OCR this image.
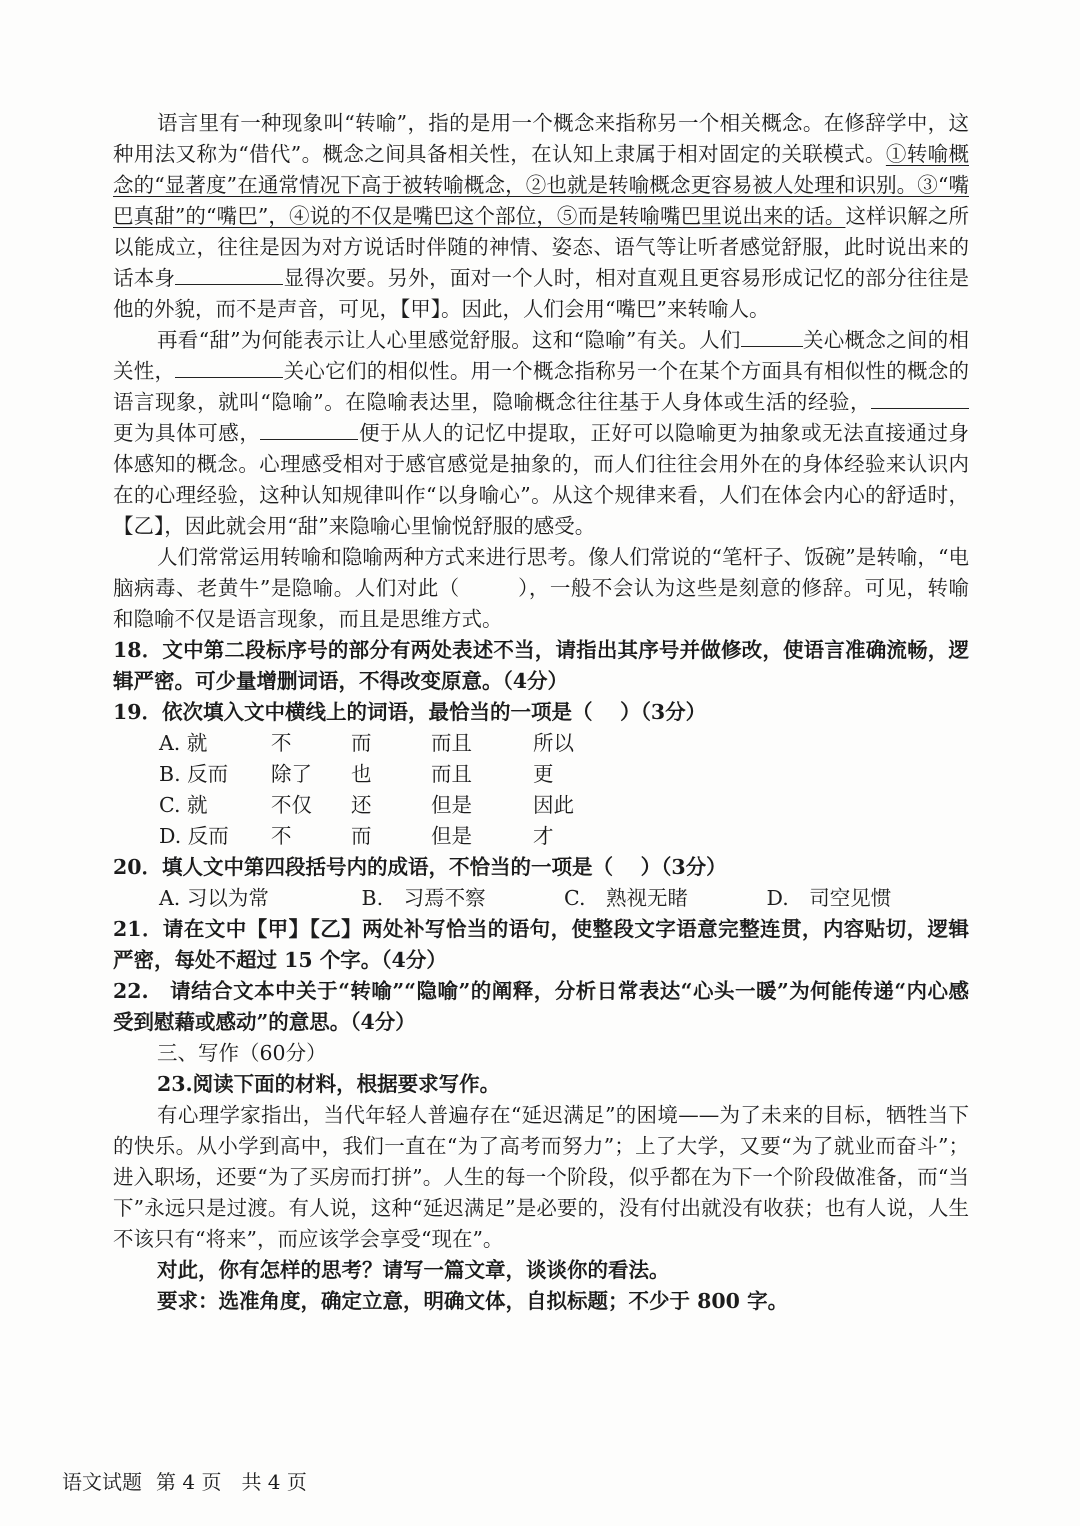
语言里有一种现象叫“转喻”，指的是用一个概念来指称另一个相关概念。在修辞学中，这种用法又称为“借代”。概念之间具备相关性，在认知上隶属于相对固定的关联模式。①转喻概念的“显著度”在通常情况下高于被转喻概念，②也就是转喻概念更容易被人处理和识别。③“嘴巴真甜”的“嘴巴”，④说的不仅是嘴巴这个部位，⑤而是转喻嘴巴里说出来的话。这样识解之所以能成立，往往是因为对方说话时伴随的神情、姿态、语气等让听者感觉舒服，此时说出来的话本身	显得次要。另外，面对一个人时，相对直观且更容易形成记忆的部分往往是他的外貌，而不是声音，可见，【甲】。因此，人们会用“嘴巴”来转喻人。

再看“甜”为何能表示让人心里感觉舒服。这和“隐喻”有关。人们	关心概念之间的相关性，	关心它们的相似性。用一个概念指称另一个在某个方面具有相似性的概念的语言现象，就叫“隐喻”。在隐喻表达里，隐喻概念往往基于人身体或生活的经验，更为具体可感，	便于从人的记忆中提取，正好可以隐喻更为抽象或无法直接通过身体感知的概念。心理感受相对于感官感觉是抽象的，而人们往往会用外在的身体经验来认识内在的心理经验，这种认知规律叫作“以身喻心”。从这个规律来看，人们在体会内心的舒适时，【乙】，因此就会用“甜”来隐喻心里愉悦舒服的感受。

人们常常运用转喻和隐喻两种方式来进行思考。像人们常说的“笔杆子、饭碗”是转喻，“电脑病毒、老黄牛”是隐喻。人们对此（	），一般不会认为这些是刻意的修辞。可见，转喻和隐喻不仅是语言现象，而且是思维方式。

18．文中第二段标序号的部分有两处表述不当，请指出其序号并做修改，使语言准确流畅，逻辑严密。可少量增删词语，不得改变原意。（4分）

19．依次填入文中横线上的词语，最恰当的一项是（　 ）（3分）

A. 就	不	而	而且	所以
B. 反而	除了	也	而且	更
C. 就	不仅	还	但是	因此
D. 反而	不	而	但是	才

20．填人文中第四段括号内的成语，不恰当的一项是（　 ）（3分）

A. 习以为常	B.　习焉不察	C.　熟视无睹	D.　司空见惯

21．请在文中【甲】【乙】两处补写恰当的语句，使整段文字语意完整连贯，内容贴切，逻辑严密，每处不超过 15 个字。（4分）

22.　请结合文本中关于“转喻”“隐喻”的阐释，分析日常表达“心头一暖”为何能传递“内心感受到慰藉或感动”的意思。（4分）

三、写作（60分）

23.阅读下面的材料，根据要求写作。

有心理学家指出，当代年轻人普遍存在“延迟满足”的困境——为了未来的目标，牺牲当下的快乐。从小学到高中，我们一直在“为了高考而努力”；上了大学，又要“为了就业而奋斗”；进入职场，还要“为了买房而打拼”。人生的每一个阶段，似乎都在为下一个阶段做准备，而“当下”永远只是过渡。有人说，这种“延迟满足”是必要的，没有付出就没有收获；也有人说，人生不该只有“将来”，而应该学会享受“现在”。

对此，你有怎样的思考？请写一篇文章，谈谈你的看法。

要求：选准角度，确定立意，明确文体，自拟标题；不少于 800 字。

语文试题 第 4 页　共 4 页
